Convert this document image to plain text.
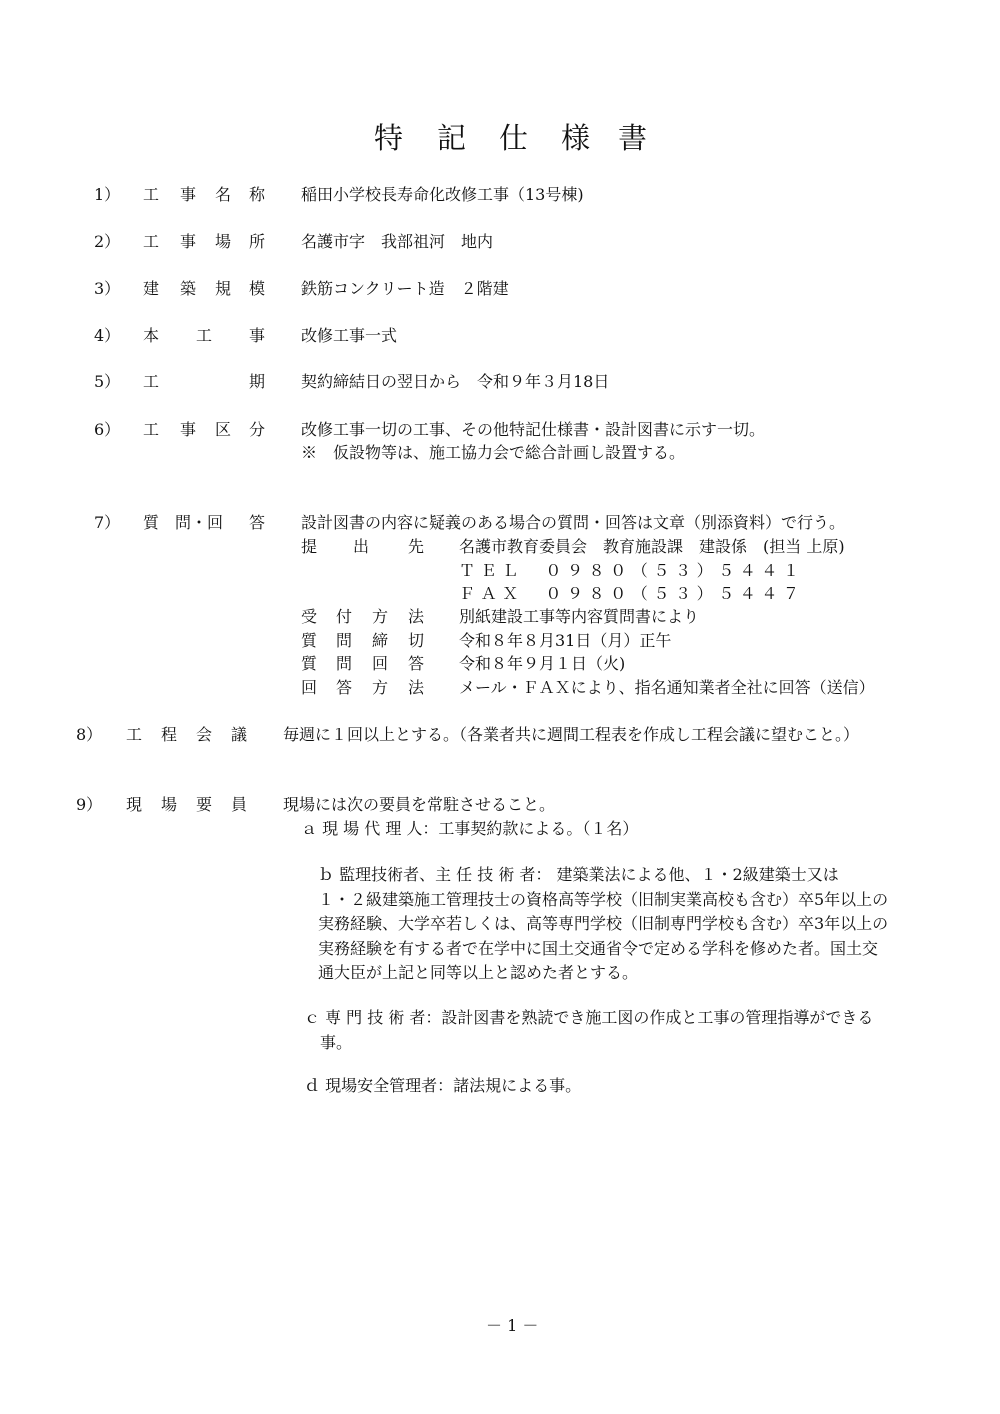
特 記 仕 様 書
1） 工 事 名 称 稲田小学校長寿命化改修工事（13号棟)
2） 工 事 場 所 名護市字　我部祖河　地内
3） 建 築 規 模 鉄筋コンクリート造　２階建
4） 本 工 事 改修工事一式
5） 工	期 契約締結日の翌日から　令和９年３月18日
6） 工 事 区 分 改修工事一切の工事、その他特記仕様書・設計図書に示す一切。
※　仮設物等は、施工協力会で総合計画し設置する。
7） 質 問・回 答 設計図書の内容に疑義のある場合の質問・回答は文章（別添資料）で行う。
提 出 先 名護市教育委員会　教育施設課　建設係　(担当 上原)
ＴＥＬ　０９８０（５３）５４４１
ＦＡＸ　０９８０（５３）５４４７
受 付 方 法 別紙建設工事等内容質問書により
質 問 締 切 令和８年８月31日（月）正午
質 問 回 答 令和８年９月１日（火)
回 答 方 法 メール・ＦＡＸにより、指名通知業者全社に回答（送信）
8） 工 程 会 議 毎週に１回以上とする。（各業者共に週間工程表を作成し工程会議に望むこと。）
9） 現 場 要 員 現場には次の要員を常駐させること。
ａ 現 場 代 理 人：工事契約款による。（１名）
ｂ 監理技術者、主 任 技 術 者： 建築業法による他、１・2級建築士又は
１・２級建築施工管理技士の資格高等学校（旧制実業高校も含む）卒5年以上の
実務経験、大学卒若しくは、高等専門学校（旧制専門学校も含む）卒3年以上の
実務経験を有する者で在学中に国土交通省令で定める学科を修めた者。国土交
通大臣が上記と同等以上と認めた者とする。
ｃ 専 門 技 術 者：設計図書を熟読でき施工図の作成と工事の管理指導ができる
事。
ｄ 現場安全管理者：諸法規による事。
－ 1 －
